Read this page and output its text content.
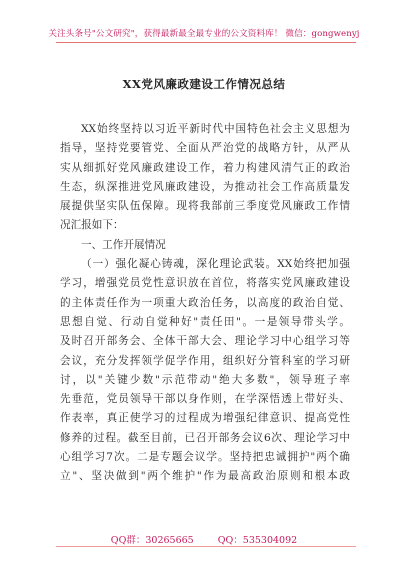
关注头条号"公文研究"，获得最新最全最专业的公文资料库！ 微信：gongwenyj
XX党风廉政建设工作情况总结
XX始终坚持以习近平新时代中国特色社会主义思想为
指导，坚持党要管党、全面从严治党的战略方针，从严从
实从细抓好党风廉政建设工作，着力构建风清气正的政治
生态，纵深推进党风廉政建设，为推动社会工作高质量发
展提供坚实队伍保障。现将我部前三季度党风廉政工作情
况汇报如下：
一、工作开展情况
（一）强化凝心铸魂，深化理论武装。XX始终把加强
学习，增强党员党性意识放在首位，将落实党风廉政建设
的主体责任作为一项重大政治任务，以高度的政治自觉、
思想自觉、行动自觉种好"责任田"。一是领导带头学。
及时召开部务会、全体干部大会、理论学习中心组学习等
会议，充分发挥领学促学作用，组织好分管科室的学习研
讨，以"关键少数"示范带动"绝大多数"，领导班子率
先垂范，党员领导干部以身作则，在学深悟透上带好头、
作表率，真正使学习的过程成为增强纪律意识、提高党性
修养的过程。截至目前，已召开部务会议6次、理论学习中
心组学习7次。二是专题会议学。坚持把忠诚拥护"两个确
立"、坚决做到"两个维护"作为最高政治原则和根本政
QQ群：30265665	QQ：535304092
